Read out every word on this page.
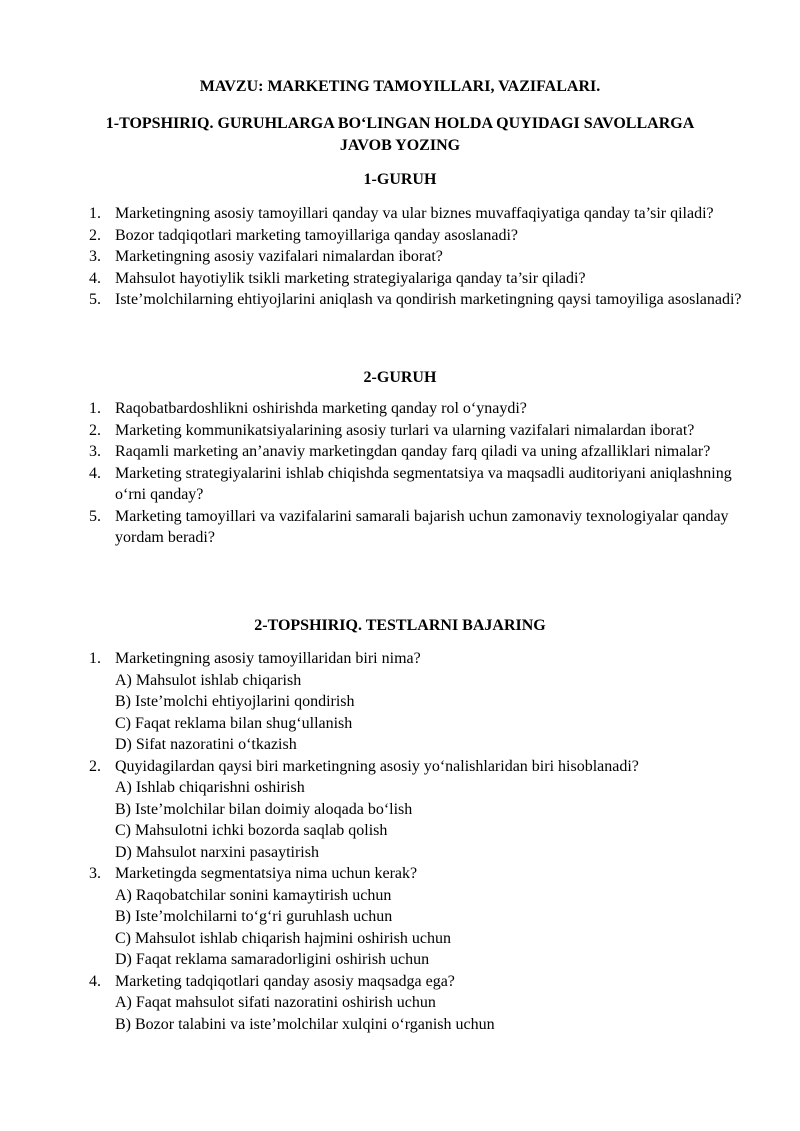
MAVZU: MARKETING TAMOYILLARI, VAZIFALARI.
1-TOPSHIRIQ. GURUHLARGA BO‘LINGAN HOLDA QUYIDAGI SAVOLLARGA JAVOB YOZING
1-GURUH
1. Marketingning asosiy tamoyillari qanday va ular biznes muvaffaqiyatiga qanday ta’sir qiladi?
2. Bozor tadqiqotlari marketing tamoyillariga qanday asoslanadi?
3. Marketingning asosiy vazifalari nimalardan iborat?
4. Mahsulot hayotiylik tsikli marketing strategiyalariga qanday ta’sir qiladi?
5. Iste’molchilarning ehtiyojlarini aniqlash va qondirish marketingning qaysi tamoyiliga asoslanadi?
2-GURUH
1. Raqobatbardoshlikni oshirishda marketing qanday rol o‘ynaydi?
2. Marketing kommunikatsiyalarining asosiy turlari va ularning vazifalari nimalardan iborat?
3. Raqamli marketing an’anaviy marketingdan qanday farq qiladi va uning afzalliklari nimalar?
4. Marketing strategiyalarini ishlab chiqishda segmentatsiya va maqsadli auditoriyani aniqlashning o‘rni qanday?
5. Marketing tamoyillari va vazifalarini samarali bajarish uchun zamonaviy texnologiyalar qanday yordam beradi?
2-TOPSHIRIQ. TESTLARNI BAJARING
1. Marketingning asosiy tamoyillaridan biri nima?
A) Mahsulot ishlab chiqarish
B) Iste’molchi ehtiyojlarini qondirish
C) Faqat reklama bilan shug‘ullanish
D) Sifat nazoratini o‘tkazish
2. Quyidagilardan qaysi biri marketingning asosiy yo‘nalishlaridan biri hisoblanadi?
A) Ishlab chiqarishni oshirish
B) Iste’molchilar bilan doimiy aloqada bo‘lish
C) Mahsulotni ichki bozorda saqlab qolish
D) Mahsulot narxini pasaytirish
3. Marketingda segmentatsiya nima uchun kerak?
A) Raqobatchilar sonini kamaytirish uchun
B) Iste’molchilarni to‘g‘ri guruhlash uchun
C) Mahsulot ishlab chiqarish hajmini oshirish uchun
D) Faqat reklama samaradorligini oshirish uchun
4. Marketing tadqiqotlari qanday asosiy maqsadga ega?
A) Faqat mahsulot sifati nazoratini oshirish uchun
B) Bozor talabini va iste’molchilar xulqini o‘rganish uchun
